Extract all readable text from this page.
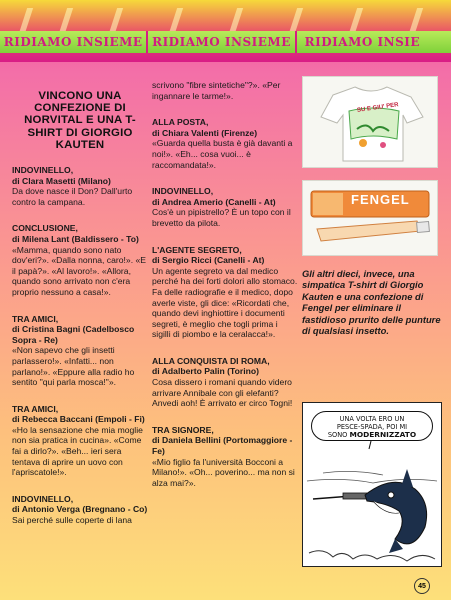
RIDIAMO INSIEME RIDIAMO INSIEME	RIDIAMO INSIE
VINCONO UNA CONFEZIONE DI NORVITAL E UNA T-SHIRT DI GIORGIO KAUTEN
INDOVINELLO,
di Clara Masetti (Milano)
Da dove nasce il Don? Dall'urto contro la campana.
CONCLUSIONE,
di Milena Lant (Baldissero - To)
«Mamma, quando sono nato dov'eri?». «Dalla nonna, caro!». «E il papà?». «Al lavoro!». «Allora, quando sono arrivato non c'era proprio nessuno a casa!».
TRA AMICI,
di Cristina Bagni (Cadelbosco Sopra - Re)
«Non sapevo che gli insetti parlassero!». «Infatti... non parlano!». «Eppure alla radio ho sentito "qui parla mosca!"».
TRA AMICI,
di Rebecca Baccani (Empoli - Fi)
«Ho la sensazione che mia moglie non sia pratica in cucina». «Come fai a dirlo?». «Beh... ieri sera tentava di aprire un uovo con l'apriscatole!».
INDOVINELLO,
di Antonio Verga (Bregnano - Co)
Sai perché sulle coperte di lana
scrivono "fibre sintetiche"?». «Per ingannare le tarme!».
ALLA POSTA,
di Chiara Valenti (Firenze)
«Guarda quella busta è già davanti a noi!». «Eh... cosa vuoi... è raccomandata!».
INDOVINELLO,
di Andrea Amerio (Canelli - At)
Cos'è un pipistrello? È un topo con il brevetto da pilota.
L'AGENTE SEGRETO,
di Sergio Ricci (Canelli - At)
Un agente segreto va dal medico perché ha dei forti dolori allo stomaco. Fa delle radiografie e il medico, dopo averle viste, gli dice: «Ricordati che, quando devi inghiottire i documenti segreti, è meglio che togli prima i sigilli di piombo e la ceralacca!».
ALLA CONQUISTA DI ROMA,
di Adalberto Palin (Torino)
Cosa dissero i romani quando videro arrivare Annibale con gli elefanti? Anvedi aoh! È arrivato er circo Togni!
TRA SIGNORE,
di Daniela Bellini (Portomaggiore - Fe)
«Mio figlio fa l'università Bocconi a Milano!». «Oh... poverino... ma non si alza mai?».
SU E GIU' PER
FENGEL
Gli altri dieci, invece, una simpatica T-shirt di Giorgio Kauten e una confezione di Fengel per eliminare il fastidioso prurito delle punture di qualsiasi insetto.
UNA VOLTA ERO UN
PESCE-SPADA, POI MI
SONO MODERNIZZATO
45
